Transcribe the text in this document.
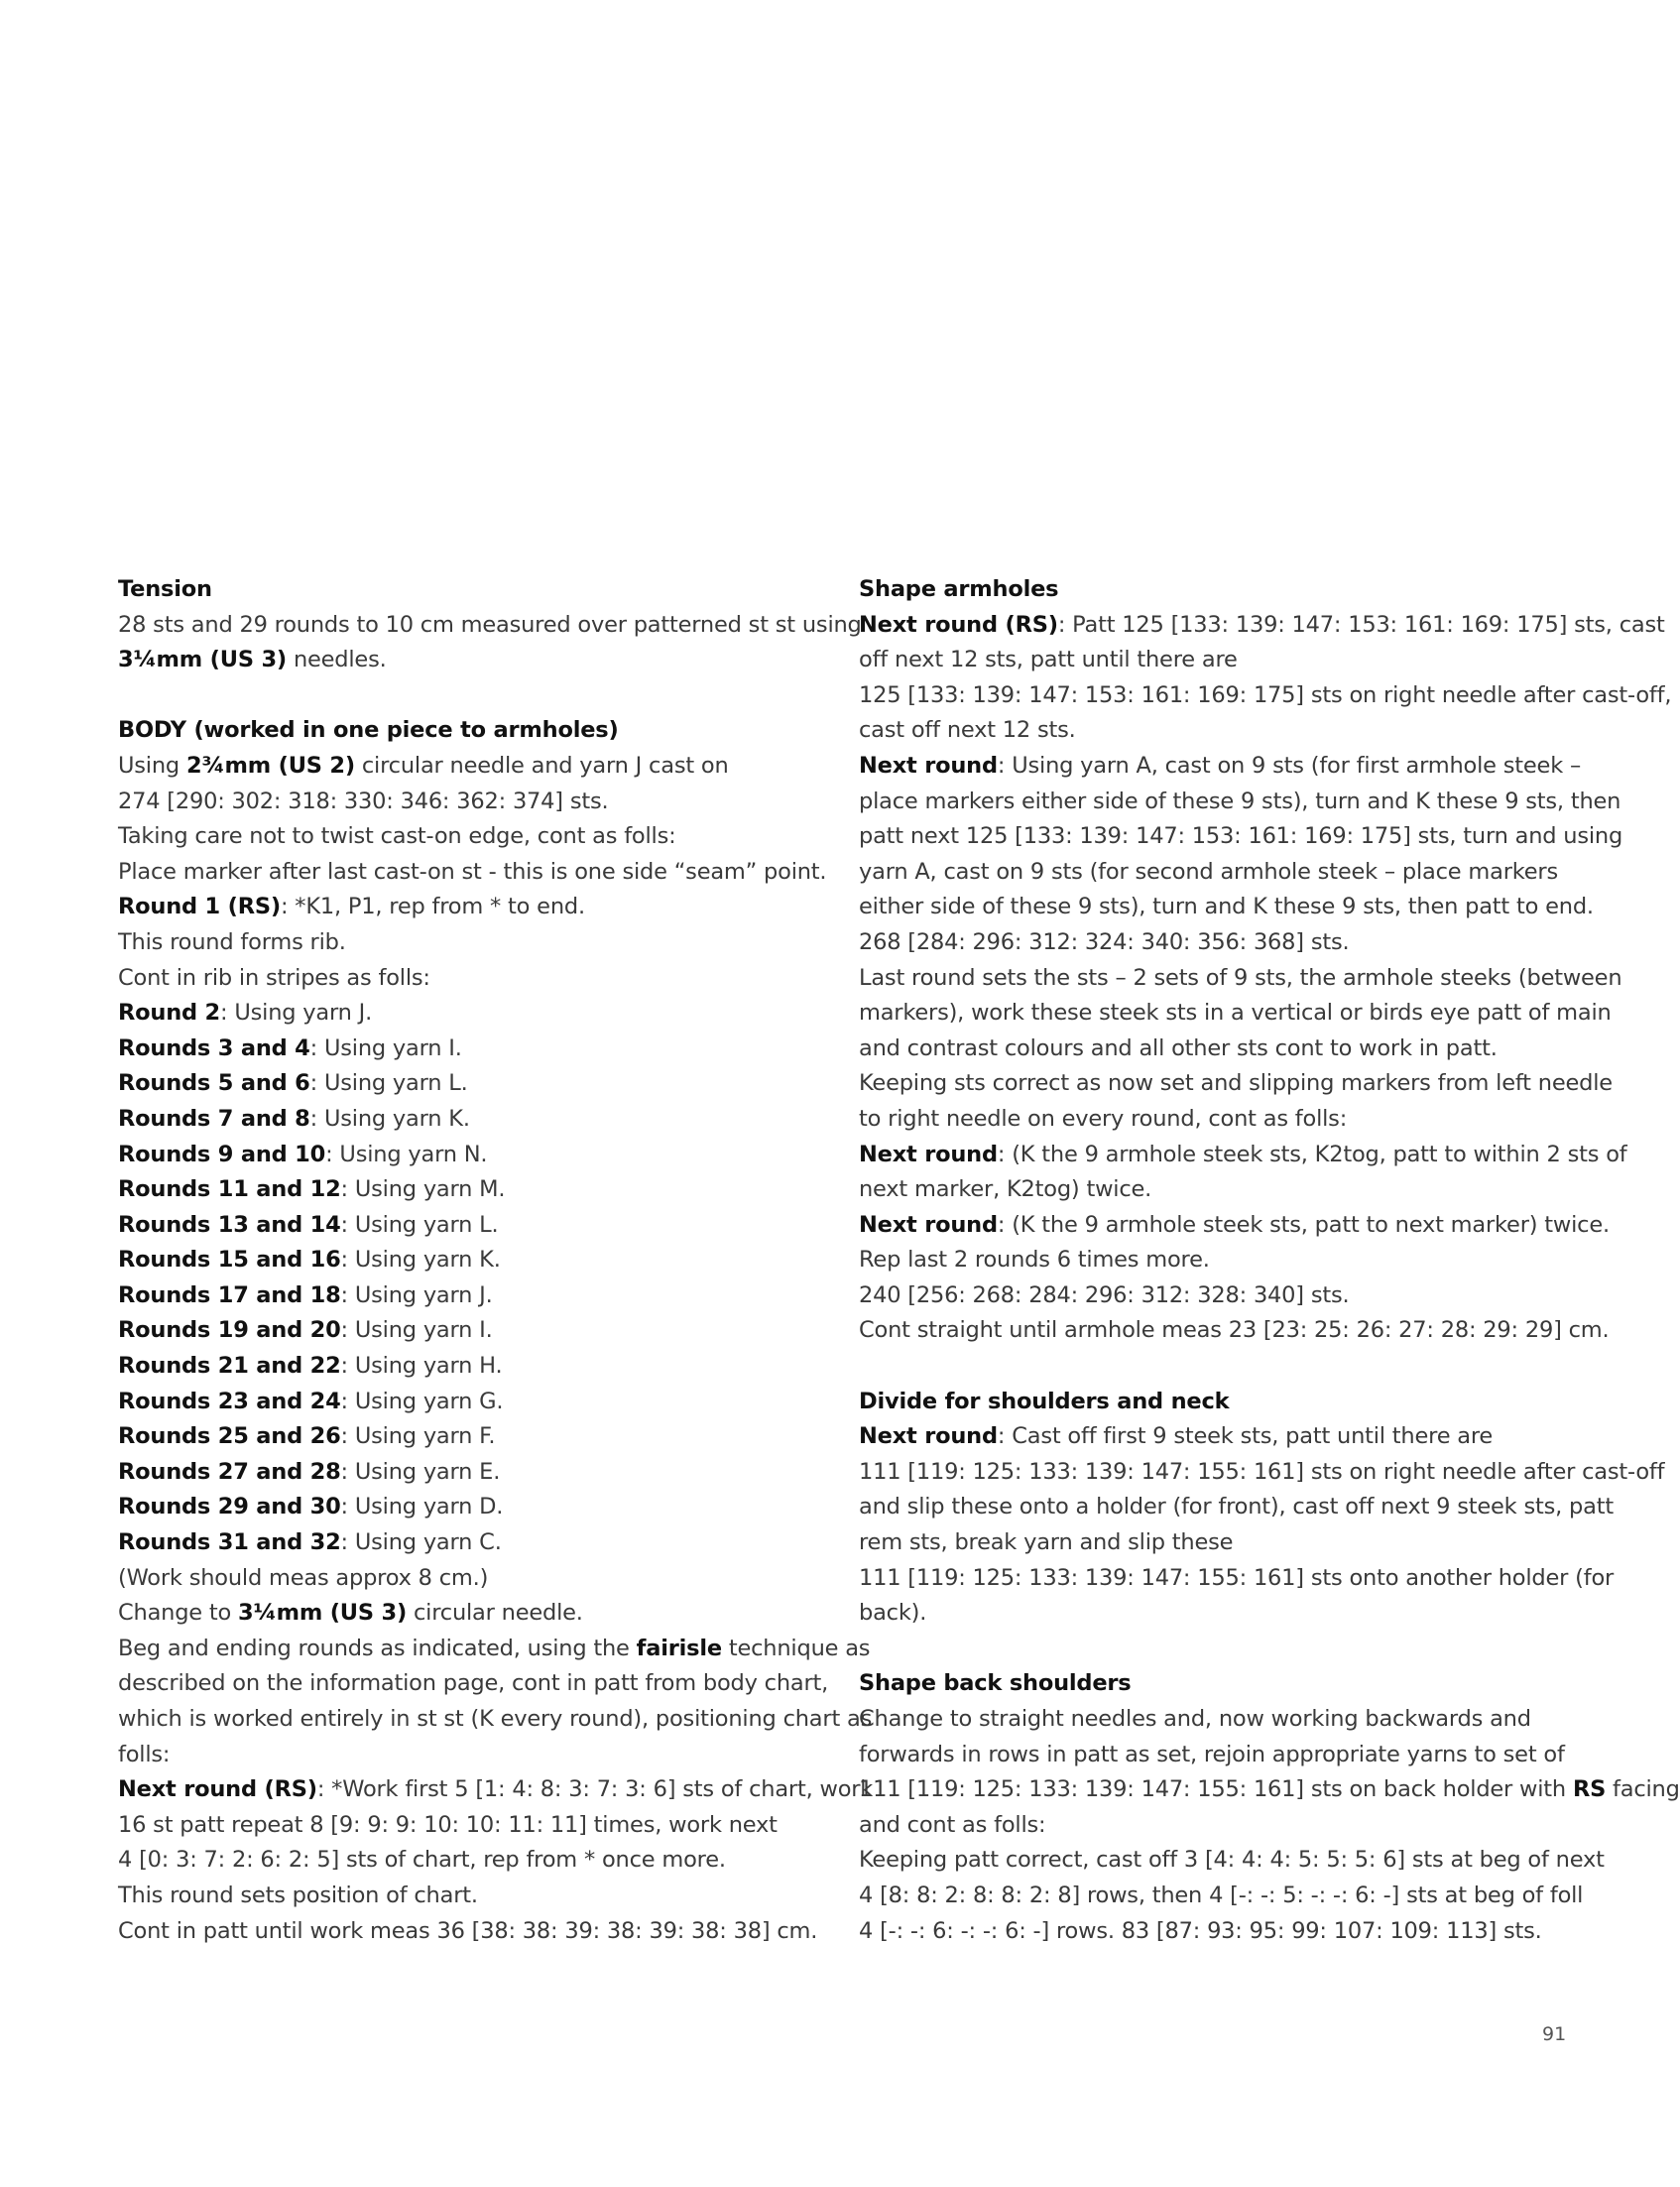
Tension
28 sts and 29 rounds to 10 cm measured over patterned st st using
3¼mm (US 3) needles.
BODY (worked in one piece to armholes)
Using 2¾mm (US 2) circular needle and yarn J cast on
274 [290: 302: 318: 330: 346: 362: 374] sts.
Taking care not to twist cast-on edge, cont as folls:
Place marker after last cast-on st - this is one side “seam” point.
Round 1 (RS): *K1, P1, rep from * to end.
This round forms rib.
Cont in rib in stripes as folls:
Round 2: Using yarn J.
Rounds 3 and 4: Using yarn I.
Rounds 5 and 6: Using yarn L.
Rounds 7 and 8: Using yarn K.
Rounds 9 and 10: Using yarn N.
Rounds 11 and 12: Using yarn M.
Rounds 13 and 14: Using yarn L.
Rounds 15 and 16: Using yarn K.
Rounds 17 and 18: Using yarn J.
Rounds 19 and 20: Using yarn I.
Rounds 21 and 22: Using yarn H.
Rounds 23 and 24: Using yarn G.
Rounds 25 and 26: Using yarn F.
Rounds 27 and 28: Using yarn E.
Rounds 29 and 30: Using yarn D.
Rounds 31 and 32: Using yarn C.
(Work should meas approx 8 cm.)
Change to 3¼mm (US 3) circular needle.
Beg and ending rounds as indicated, using the fairisle technique as
described on the information page, cont in patt from body chart,
which is worked entirely in st st (K every round), positioning chart as
folls:
Next round (RS): *Work first 5 [1: 4: 8: 3: 7: 3: 6] sts of chart, work
16 st patt repeat 8 [9: 9: 9: 10: 10: 11: 11] times, work next
4 [0: 3: 7: 2: 6: 2: 5] sts of chart, rep from * once more.
This round sets position of chart.
Cont in patt until work meas 36 [38: 38: 39: 38: 39: 38: 38] cm.
Shape armholes
Next round (RS): Patt 125 [133: 139: 147: 153: 161: 169: 175] sts, cast
off next 12 sts, patt until there are
125 [133: 139: 147: 153: 161: 169: 175] sts on right needle after cast-off,
cast off next 12 sts.
Next round: Using yarn A, cast on 9 sts (for first armhole steek –
place markers either side of these 9 sts), turn and K these 9 sts, then
patt next 125 [133: 139: 147: 153: 161: 169: 175] sts, turn and using
yarn A, cast on 9 sts (for second armhole steek – place markers
either side of these 9 sts), turn and K these 9 sts, then patt to end.
268 [284: 296: 312: 324: 340: 356: 368] sts.
Last round sets the sts – 2 sets of 9 sts, the armhole steeks (between
markers), work these steek sts in a vertical or birds eye patt of main
and contrast colours and all other sts cont to work in patt.
Keeping sts correct as now set and slipping markers from left needle
to right needle on every round, cont as folls:
Next round: (K the 9 armhole steek sts, K2tog, patt to within 2 sts of
next marker, K2tog) twice.
Next round: (K the 9 armhole steek sts, patt to next marker) twice.
Rep last 2 rounds 6 times more.
240 [256: 268: 284: 296: 312: 328: 340] sts.
Cont straight until armhole meas 23 [23: 25: 26: 27: 28: 29: 29] cm.
Divide for shoulders and neck
Next round: Cast off first 9 steek sts, patt until there are
111 [119: 125: 133: 139: 147: 155: 161] sts on right needle after cast-off
and slip these onto a holder (for front), cast off next 9 steek sts, patt
rem sts, break yarn and slip these
111 [119: 125: 133: 139: 147: 155: 161] sts onto another holder (for
back).
Shape back shoulders
Change to straight needles and, now working backwards and
forwards in rows in patt as set, rejoin appropriate yarns to set of
111 [119: 125: 133: 139: 147: 155: 161] sts on back holder with RS facing
and cont as folls:
Keeping patt correct, cast off 3 [4: 4: 4: 5: 5: 5: 6] sts at beg of next
4 [8: 8: 2: 8: 8: 2: 8] rows, then 4 [-: -: 5: -: -: 6: -] sts at beg of foll
4 [-: -: 6: -: -: 6: -] rows. 83 [87: 93: 95: 99: 107: 109: 113] sts.
91
